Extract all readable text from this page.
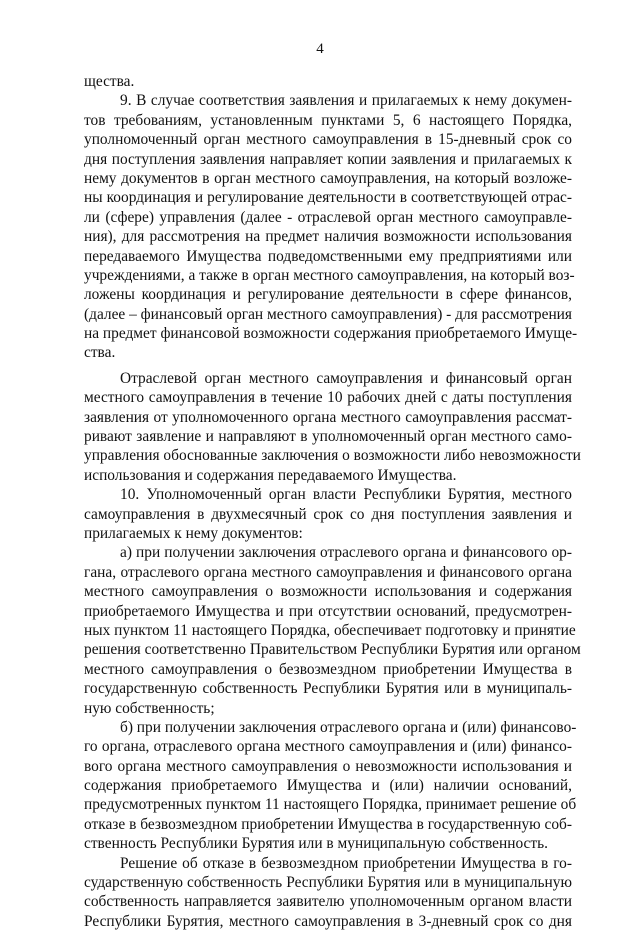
4
щества.
9. В случае соответствия заявления и прилагаемых к нему докумен-
тов требованиям, установленным пунктами 5, 6 настоящего Порядка,
уполномоченный орган местного самоуправления в 15-дневный срок со
дня поступления заявления направляет копии заявления и прилагаемых к
нему документов в орган местного самоуправления, на который возложе-
ны координация и регулирование деятельности в соответствующей отрас-
ли (сфере) управления (далее - отраслевой орган местного самоуправле-
ния), для рассмотрения на предмет наличия возможности использования
передаваемого Имущества подведомственными ему предприятиями или
учреждениями, а также в орган местного самоуправления, на который воз-
ложены координация и регулирование деятельности в сфере финансов,
(далее – финансовый орган местного самоуправления) - для рассмотрения
на предмет финансовой возможности содержания приобретаемого Имуще-
ства.
Отраслевой орган местного самоуправления и финансовый орган
местного самоуправления в течение 10 рабочих дней с даты поступления
заявления от уполномоченного органа местного самоуправления рассмат-
ривают заявление и направляют в уполномоченный орган местного само-
управления обоснованные заключения о возможности либо невозможности
использования и содержания передаваемого Имущества.
10. Уполномоченный орган власти Республики Бурятия, местного
самоуправления в двухмесячный срок со дня поступления заявления и
прилагаемых к нему документов:
а) при получении заключения отраслевого органа и финансового ор-
гана, отраслевого органа местного самоуправления и финансового органа
местного самоуправления о возможности использования и содержания
приобретаемого Имущества и при отсутствии оснований, предусмотрен-
ных пунктом 11 настоящего Порядка, обеспечивает подготовку и принятие
решения соответственно Правительством Республики Бурятия или органом
местного самоуправления о безвозмездном приобретении Имущества в
государственную собственность Республики Бурятия или в муниципаль-
ную собственность;
б) при получении заключения отраслевого органа и (или) финансово-
го органа, отраслевого органа местного самоуправления и (или) финансо-
вого органа местного самоуправления о невозможности использования и
содержания приобретаемого Имущества и (или) наличии оснований,
предусмотренных пунктом 11 настоящего Порядка, принимает решение об
отказе в безвозмездном приобретении Имущества в государственную соб-
ственность Республики Бурятия или в муниципальную собственность.
Решение об отказе в безвозмездном приобретении Имущества в го-
сударственную собственность Республики Бурятия или в муниципальную
собственность направляется заявителю уполномоченным органом власти
Республики Бурятия, местного самоуправления в 3-дневный срок со дня
